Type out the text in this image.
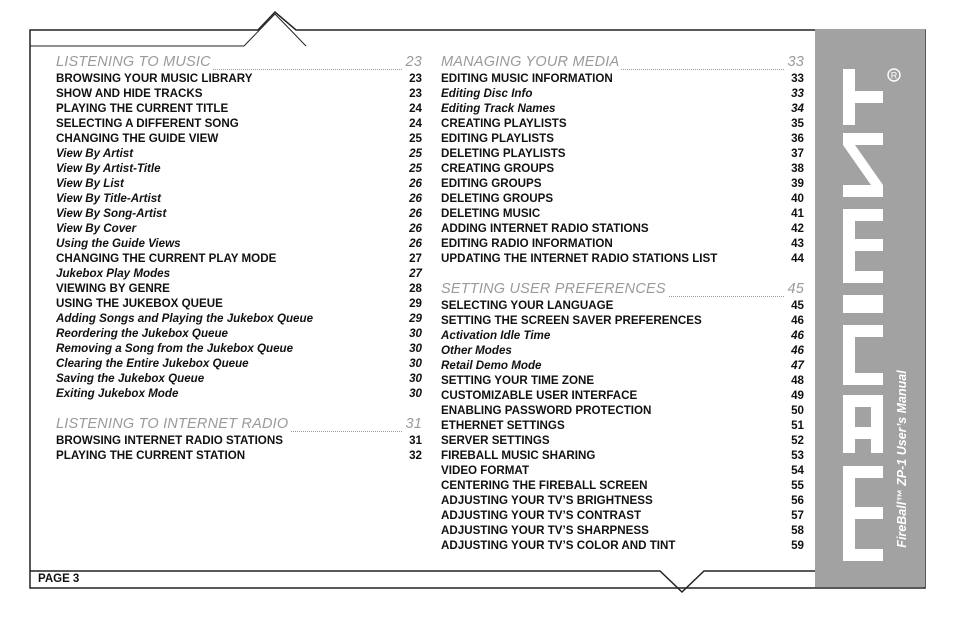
R
FireBall™ ZP-1 User’s Manual
LISTENING TO MUSIC	23
BROWSING YOUR MUSIC LIBRARY	23
SHOW AND HIDE TRACKS	23
PLAYING THE CURRENT TITLE	24
SELECTING A DIFFERENT SONG	24
CHANGING THE GUIDE VIEW	25
View By Artist	25
View By Artist-Title	25
View By List	26
View By Title-Artist	26
View By Song-Artist	26
View By Cover	26
Using the Guide Views	26
CHANGING THE CURRENT PLAY MODE	27
Jukebox Play Modes	27
VIEWING BY GENRE	28
USING THE JUKEBOX QUEUE	29
Adding Songs and Playing the Jukebox Queue	29
Reordering the Jukebox Queue	30
Removing a Song from the Jukebox Queue	30
Clearing the Entire Jukebox Queue	30
Saving the Jukebox Queue	30
Exiting Jukebox Mode	30
LISTENING TO INTERNET RADIO	31
BROWSING INTERNET RADIO STATIONS	31
PLAYING THE CURRENT STATION	32
MANAGING YOUR MEDIA	33
EDITING MUSIC INFORMATION	33
Editing Disc Info	33
Editing Track Names	34
CREATING PLAYLISTS	35
EDITING PLAYLISTS	36
DELETING PLAYLISTS	37
CREATING GROUPS	38
EDITING GROUPS	39
DELETING GROUPS	40
DELETING MUSIC	41
ADDING INTERNET RADIO STATIONS	42
EDITING RADIO INFORMATION	43
UPDATING THE INTERNET RADIO STATIONS LIST	44
SETTING USER PREFERENCES	45
SELECTING YOUR LANGUAGE	45
SETTING THE SCREEN SAVER PREFERENCES	46
Activation Idle Time	46
Other Modes	46
Retail Demo Mode	47
SETTING YOUR TIME ZONE	48
CUSTOMIZABLE USER INTERFACE	49
ENABLING PASSWORD PROTECTION	50
ETHERNET SETTINGS	51
SERVER SETTINGS	52
FIREBALL MUSIC SHARING	53
VIDEO FORMAT	54
CENTERING THE FIREBALL SCREEN	55
ADJUSTING YOUR TV’S BRIGHTNESS	56
ADJUSTING YOUR TV’S CONTRAST	57
ADJUSTING YOUR TV’S SHARPNESS	58
ADJUSTING YOUR TV’S COLOR AND TINT	59
PAGE 3
